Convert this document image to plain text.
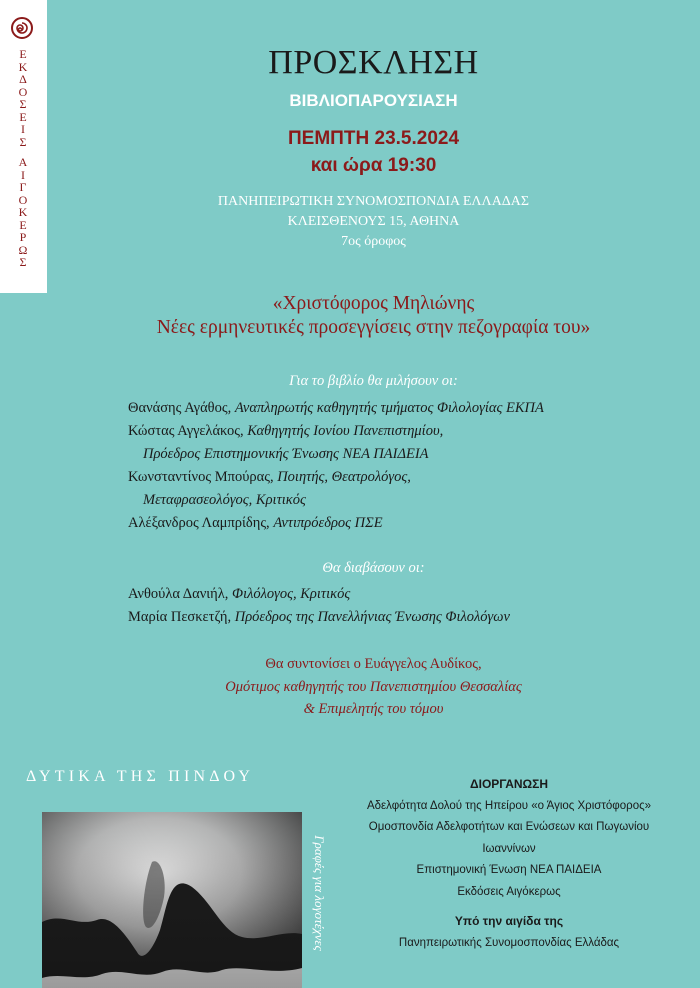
Ε
Κ
Δ
Ο
Σ
Ε
Ι
Σ
Α
Ι
Γ
Ο
Κ
Ε
Ρ
Ω
Σ
ΠΡΟΣΚΛΗΣΗ
ΒΙΒΛΙΟΠΑΡΟΥΣΙΑΣΗ
ΠΕΜΠΤΗ 23.5.2024
και ώρα 19:30
ΠΑΝΗΠΕΙΡΩΤΙΚΗ ΣΥΝΟΜΟΣΠΟΝΔΙΑ ΕΛΛΑΔΑΣ
ΚΛΕΙΣΘΕΝΟΥΣ 15, ΑΘΗΝΑ
7ος όροφος
«Χριστόφορος Μηλιώνης
Νέες ερμηνευτικές προσεγγίσεις στην πεζογραφία του»
Για το βιβλίο θα μιλήσουν οι:
Θανάσης Αγάθος, Αναπληρωτής καθηγητής τμήματος Φιλολογίας ΕΚΠΑ
Κώστας Αγγελάκος, Καθηγητής Ιονίου Πανεπιστημίου,
Πρόεδρος Επιστημονικής Ένωσης ΝΕΑ ΠΑΙΔΕΙΑ
Κωνσταντίνος Μπούρας, Ποιητής, Θεατρολόγος,
Μεταφρασεολόγος, Κριτικός
Αλέξανδρος Λαμπρίδης, Αντιπρόεδρος ΠΣΕ
Θα διαβάσουν οι:
Ανθούλα Δανιήλ, Φιλόλογος, Κριτικός
Μαρία Πεσκετζή, Πρόεδρος της Πανελλήνιας Ένωσης Φιλολόγων
Θα συντονίσει ο Ευάγγελος Αυδίκος,
Ομότιμος καθηγητής του Πανεπιστημίου Θεσσαλίας
& Επιμελητής του τόμου
ΔΥΤΙΚΑ ΤΗΣ ΠΙΝΔΟΥ
Γραφές για λογοτέχνες
ΔΙΟΡΓΑΝΩΣΗ
Αδελφότητα Δολού της Ηπείρου «ο Άγιος Χριστόφορος»
Ομοσπονδία Αδελφοτήτων και Ενώσεων και Πωγωνίου
Ιωαννίνων
Επιστημονική Ένωση ΝΕΑ ΠΑΙΔΕΙΑ
Εκδόσεις Αιγόκερως
Υπό την αιγίδα της
Πανηπειρωτικής Συνομοσπονδίας Ελλάδας
